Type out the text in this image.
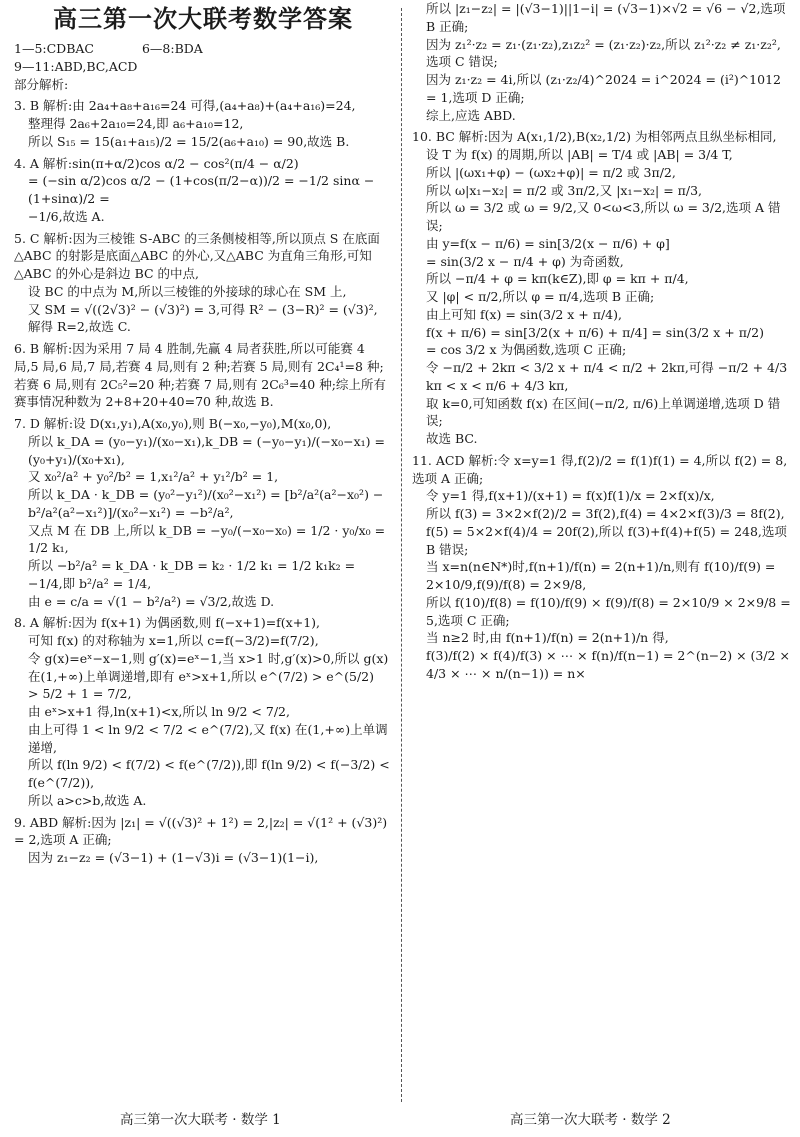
高三第一次大联考数学答案
1—5:CDBAC	6—8:BDA
9—11:ABD,BC,ACD
部分解析:
3. B 解析:由 2a₄+a₈+a₁₆=24 可得,(a₄+a₈)+(a₄+a₁₆)=24,
整理得 2a₆+2a₁₀=24,即 a₆+a₁₀=12,
所以 S₁₅ = 15(a₁+a₁₅)/2 = 15/2(a₆+a₁₀) = 90,故选 B.
4. A 解析:sin(π+α/2)cos α/2 − cos²(π/4 − α/2)
= (−sin α/2)cos α/2 − (1+cos(π/2−α))/2 = −1/2 sinα − (1+sinα)/2 =
−1/6,故选 A.
5. C 解析:因为三棱锥 S-ABC 的三条侧棱相等,所以顶点 S 在底面△ABC 的射影是底面△ABC 的外心,又△ABC 为直角三角形,可知△ABC 的外心是斜边 BC 的中点,
设 BC 的中点为 M,所以三棱锥的外接球的球心在 SM 上,
又 SM = √((2√3)² − (√3)²) = 3,可得 R² − (3−R)² = (√3)²,
解得 R=2,故选 C.
6. B 解析:因为采用 7 局 4 胜制,先赢 4 局者获胜,所以可能赛 4 局,5 局,6 局,7 局,若赛 4 局,则有 2 种;若赛 5 局,则有 2C₄¹=8 种;若赛 6 局,则有 2C₅²=20 种;若赛 7 局,则有 2C₆³=40 种;综上所有赛事情况种数为 2+8+20+40=70 种,故选 B.
7. D 解析:设 D(x₁,y₁),A(x₀,y₀),则 B(−x₀,−y₀),M(x₀,0),
所以 k_DA = (y₀−y₁)/(x₀−x₁),k_DB = (−y₀−y₁)/(−x₀−x₁) = (y₀+y₁)/(x₀+x₁),
又 x₀²/a² + y₀²/b² = 1,x₁²/a² + y₁²/b² = 1,
所以 k_DA · k_DB = (y₀²−y₁²)/(x₀²−x₁²) = [b²/a²(a²−x₀²) − b²/a²(a²−x₁²)]/(x₀²−x₁²) = −b²/a²,
又点 M 在 DB 上,所以 k_DB = −y₀/(−x₀−x₀) = 1/2 · y₀/x₀ = 1/2 k₁,
所以 −b²/a² = k_DA · k_DB = k₂ · 1/2 k₁ = 1/2 k₁k₂ = −1/4,即 b²/a² = 1/4,
由 e = c/a = √(1 − b²/a²) = √3/2,故选 D.
8. A 解析:因为 f(x+1) 为偶函数,则 f(−x+1)=f(x+1),
可知 f(x) 的对称轴为 x=1,所以 c=f(−3/2)=f(7/2),
令 g(x)=eˣ−x−1,则 g′(x)=eˣ−1,当 x>1 时,g′(x)>0,所以 g(x) 在(1,+∞)上单调递增,即有 eˣ>x+1,所以 e^(7/2) > e^(5/2)
> 5/2 + 1 = 7/2,
由 eˣ>x+1 得,ln(x+1)<x,所以 ln 9/2 < 7/2,
由上可得 1 < ln 9/2 < 7/2 < e^(7/2),又 f(x) 在(1,+∞)上单调递增,
所以 f(ln 9/2) < f(7/2) < f(e^(7/2)),即 f(ln 9/2) < f(−3/2) < f(e^(7/2)),
所以 a>c>b,故选 A.
9. ABD 解析:因为 |z₁| = √((√3)² + 1²) = 2,|z₂| = √(1² + (√3)²) = 2,选项 A 正确;
因为 z₁−z₂ = (√3−1) + (1−√3)i = (√3−1)(1−i),
所以 |z₁−z₂| = |(√3−1)||1−i| = (√3−1)×√2 = √6 − √2,选项 B 正确;
因为 z₁²·z₂ = z₁·(z₁·z₂),z₁z₂² = (z₁·z₂)·z₂,所以 z₁²·z₂ ≠ z₁·z₂²,选项 C 错误;
因为 z₁·z₂ = 4i,所以 (z₁·z₂/4)^2024 = i^2024 = (i²)^1012 = 1,选项 D 正确;
综上,应选 ABD.
10. BC 解析:因为 A(x₁,1/2),B(x₂,1/2) 为相邻两点且纵坐标相同,
设 T 为 f(x) 的周期,所以 |AB| = T/4 或 |AB| = 3/4 T,
所以 |(ωx₁+φ) − (ωx₂+φ)| = π/2 或 3π/2,
所以 ω|x₁−x₂| = π/2 或 3π/2,又 |x₁−x₂| = π/3,
所以 ω = 3/2 或 ω = 9/2,又 0<ω<3,所以 ω = 3/2,选项 A 错误;
由 y=f(x − π/6) = sin[3/2(x − π/6) + φ]
= sin(3/2 x − π/4 + φ) 为奇函数,
所以 −π/4 + φ = kπ(k∈Z),即 φ = kπ + π/4,
又 |φ| < π/2,所以 φ = π/4,选项 B 正确;
由上可知 f(x) = sin(3/2 x + π/4),
f(x + π/6) = sin[3/2(x + π/6) + π/4] = sin(3/2 x + π/2)
= cos 3/2 x 为偶函数,选项 C 正确;
令 −π/2 + 2kπ < 3/2 x + π/4 < π/2 + 2kπ,可得 −π/2 + 4/3 kπ < x < π/6 + 4/3 kπ,
取 k=0,可知函数 f(x) 在区间(−π/2, π/6)上单调递增,选项 D 错误;
故选 BC.
11. ACD 解析:令 x=y=1 得,f(2)/2 = f(1)f(1) = 4,所以 f(2) = 8,选项 A 正确;
令 y=1 得,f(x+1)/(x+1) = f(x)f(1)/x = 2×f(x)/x,
所以 f(3) = 3×2×f(2)/2 = 3f(2),f(4) = 4×2×f(3)/3 = 8f(2),
f(5) = 5×2×f(4)/4 = 20f(2),所以 f(3)+f(4)+f(5) = 248,选项 B 错误;
当 x=n(n∈N*)时,f(n+1)/f(n) = 2(n+1)/n,则有 f(10)/f(9) = 2×10/9,f(9)/f(8) = 2×9/8,
所以 f(10)/f(8) = f(10)/f(9) × f(9)/f(8) = 2×10/9 × 2×9/8 = 5,选项 C 正确;
当 n≥2 时,由 f(n+1)/f(n) = 2(n+1)/n 得,
f(3)/f(2) × f(4)/f(3) × ⋯ × f(n)/f(n−1) = 2^(n−2) × (3/2 × 4/3 × ⋯ × n/(n−1)) = n×
高三第一次大联考 · 数学 1	高三第一次大联考 · 数学 2
